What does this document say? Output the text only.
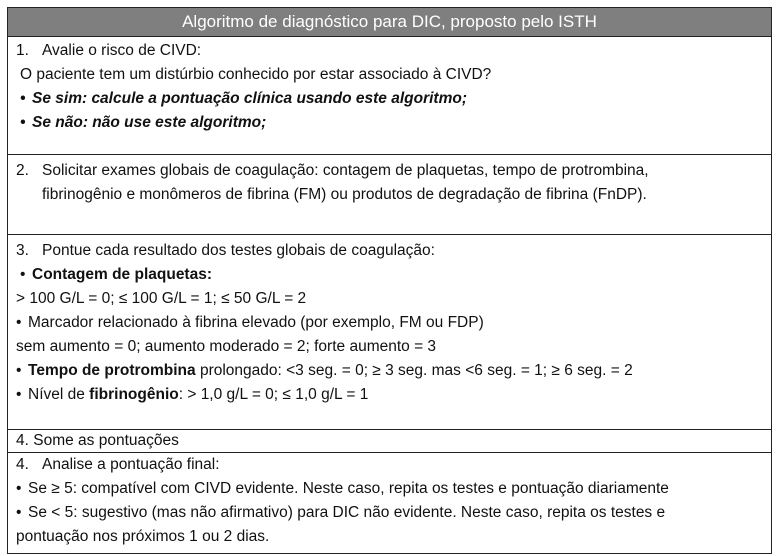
Algoritmo de diagnóstico para DIC, proposto pelo ISTH
1. Avalie o risco de CIVD:
O paciente tem um distúrbio conhecido por estar associado à CIVD?
• Se sim: calcule a pontuação clínica usando este algoritmo;
• Se não: não use este algoritmo;
2. Solicitar exames globais de coagulação: contagem de plaquetas, tempo de protrombina,
fibrinogênio e monômeros de fibrina (FM) ou produtos de degradação de fibrina (FnDP).
3. Pontue cada resultado dos testes globais de coagulação:
• Contagem de plaquetas:
> 100 G/L = 0; ≤ 100 G/L = 1; ≤ 50 G/L = 2
• Marcador relacionado à fibrina elevado (por exemplo, FM ou FDP)
sem aumento = 0; aumento moderado = 2; forte aumento = 3
• Tempo de protrombina prolongado: <3 seg. = 0; ≥ 3 seg. mas <6 seg. = 1; ≥ 6 seg. = 2
• Nível de fibrinogênio: > 1,0 g/L = 0; ≤ 1,0 g/L = 1
4. Some as pontuações
4. Analise a pontuação final:
• Se ≥ 5: compatível com CIVD evidente. Neste caso, repita os testes e pontuação diariamente
• Se < 5: sugestivo (mas não afirmativo) para DIC não evidente. Neste caso, repita os testes e
pontuação nos próximos 1 ou 2 dias.
